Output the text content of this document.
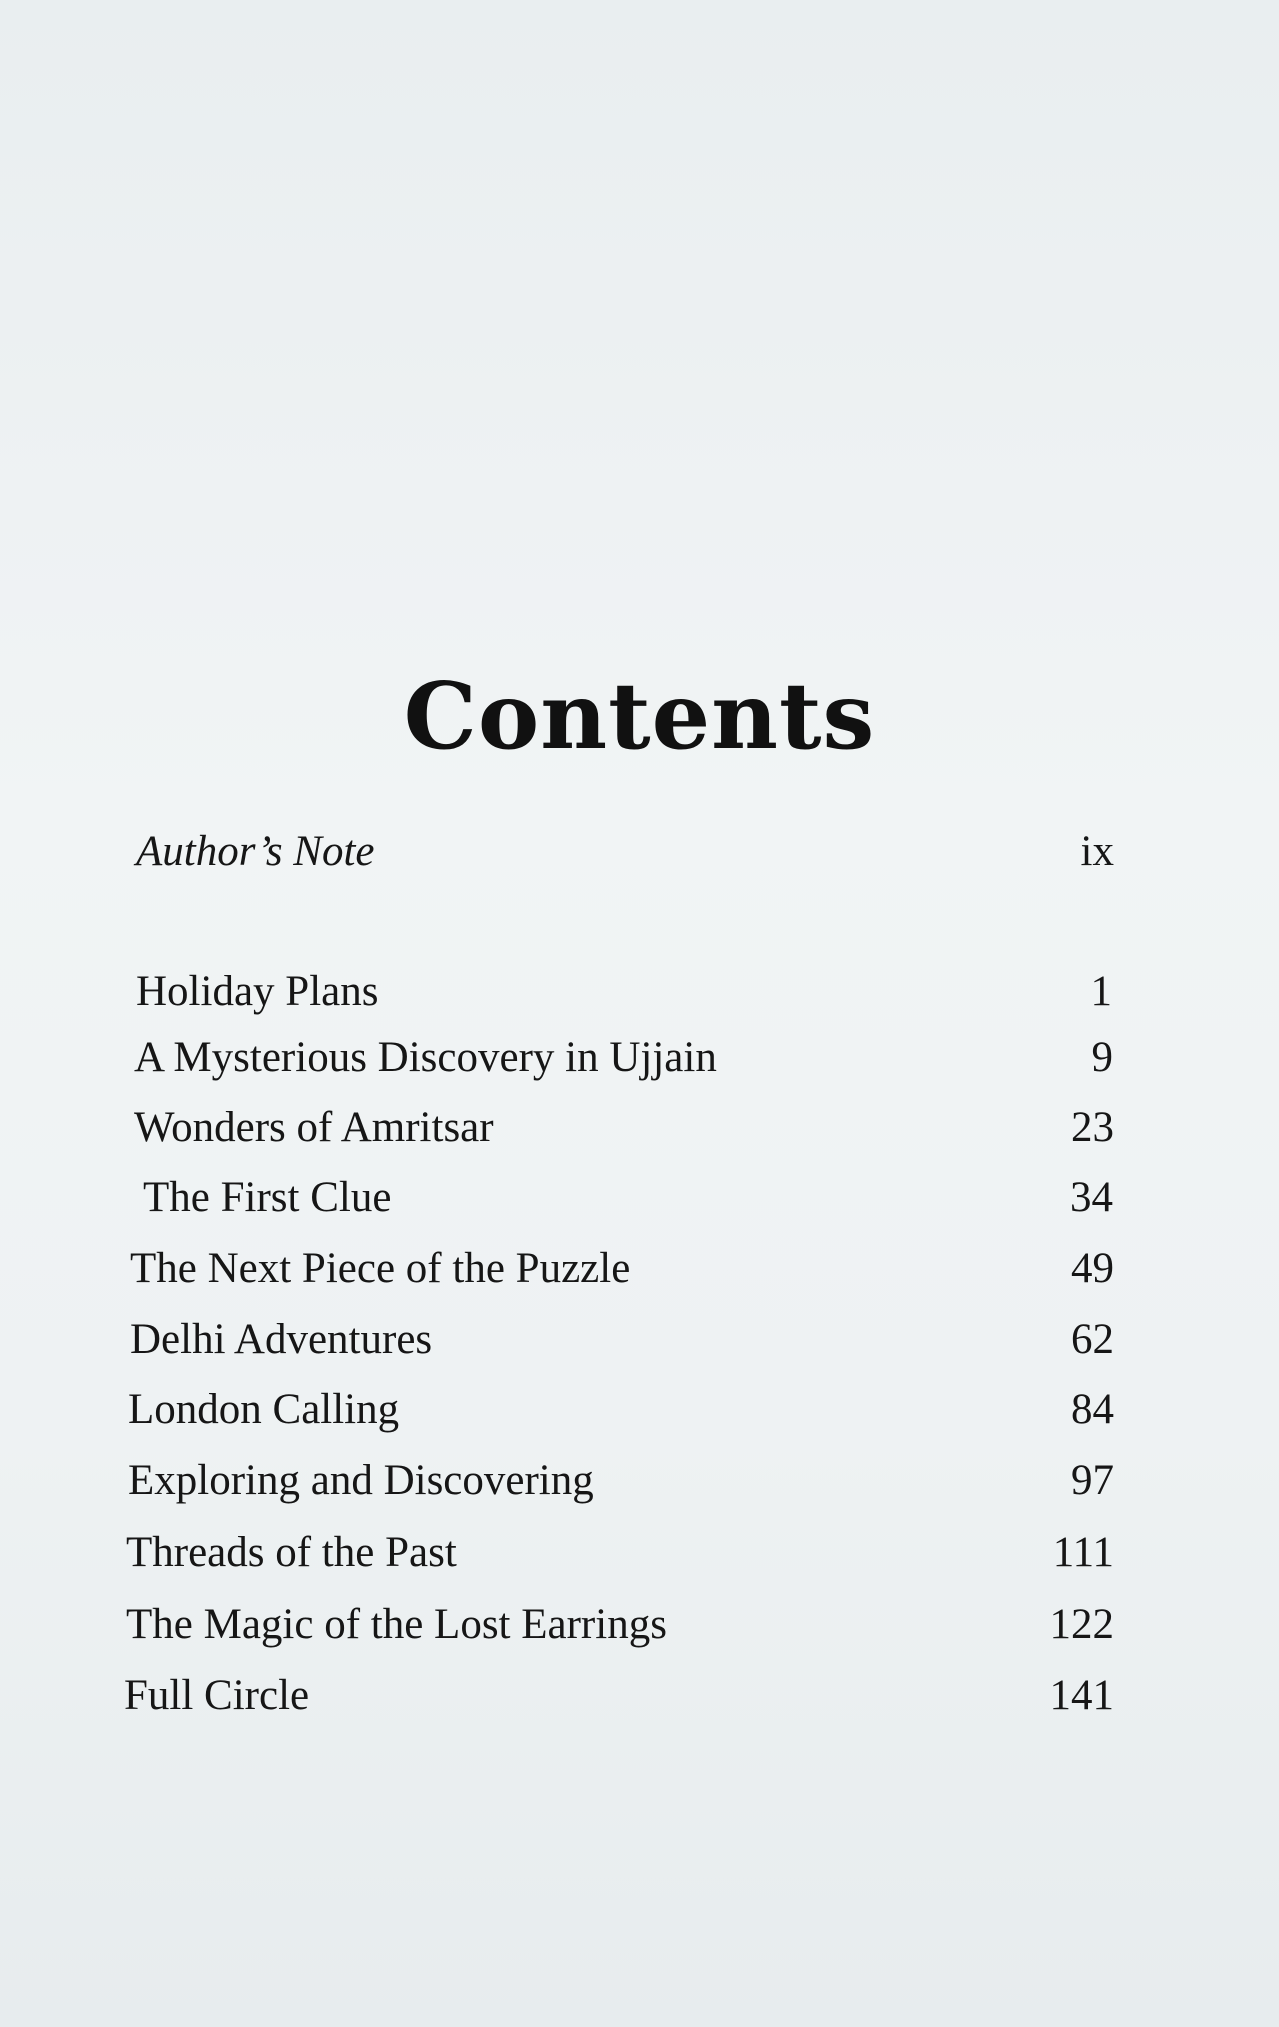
Contents
Author’s Note	ix
Holiday Plans	1
A Mysterious Discovery in Ujjain	9
Wonders of Amritsar	23
The First Clue	34
The Next Piece of the Puzzle	49
Delhi Adventures	62
London Calling	84
Exploring and Discovering	97
Threads of the Past	111
The Magic of the Lost Earrings	122
Full Circle	141
